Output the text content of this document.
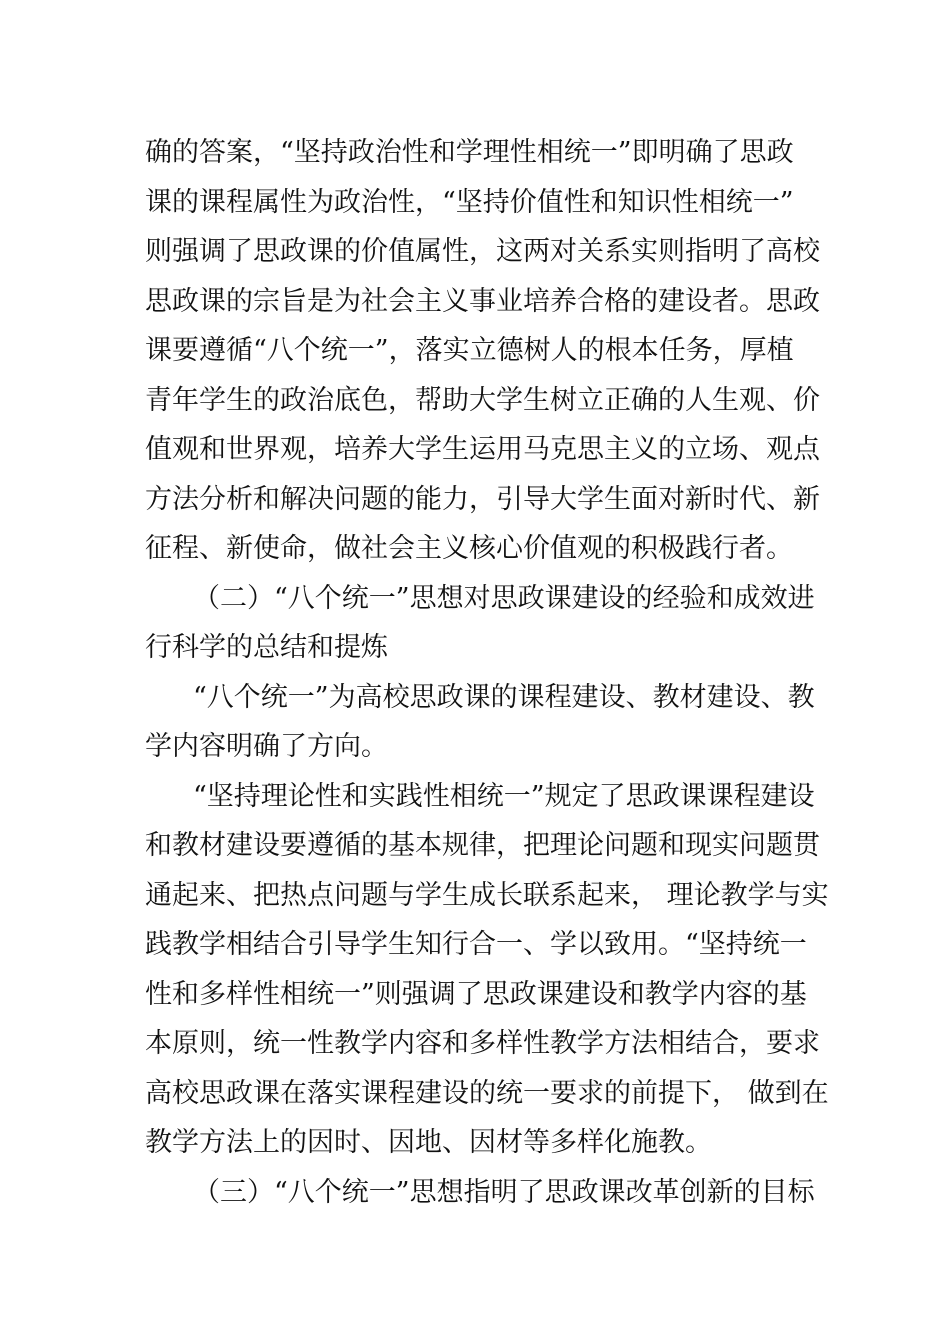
确的答案，“坚持政治性和学理性相统一”即明确了思政
课的课程属性为政治性，“坚持价值性和知识性相统一”
则强调了思政课的价值属性，这两对关系实则指明了高校
思政课的宗旨是为社会主义事业培养合格的建设者。思政
课要遵循“八个统一”，落实立德树人的根本任务，厚植
青年学生的政治底色，帮助大学生树立正确的人生观、价
值观和世界观，培养大学生运用马克思主义的立场、观点
方法分析和解决问题的能力，引导大学生面对新时代、新
征程、新使命，做社会主义核心价值观的积极践行者。
（二）“八个统一”思想对思政课建设的经验和成效进
行科学的总结和提炼
“八个统一”为高校思政课的课程建设、教材建设、教
学内容明确了方向。
“坚持理论性和实践性相统一”规定了思政课课程建设
和教材建设要遵循的基本规律，把理论问题和现实问题贯
通起来、把热点问题与学生成长联系起来， 理论教学与实
践教学相结合引导学生知行合一、学以致用。“坚持统一
性和多样性相统一”则强调了思政课建设和教学内容的基
本原则，统一性教学内容和多样性教学方法相结合，要求
高校思政课在落实课程建设的统一要求的前提下， 做到在
教学方法上的因时、因地、因材等多样化施教。
（三）“八个统一”思想指明了思政课改革创新的目标
